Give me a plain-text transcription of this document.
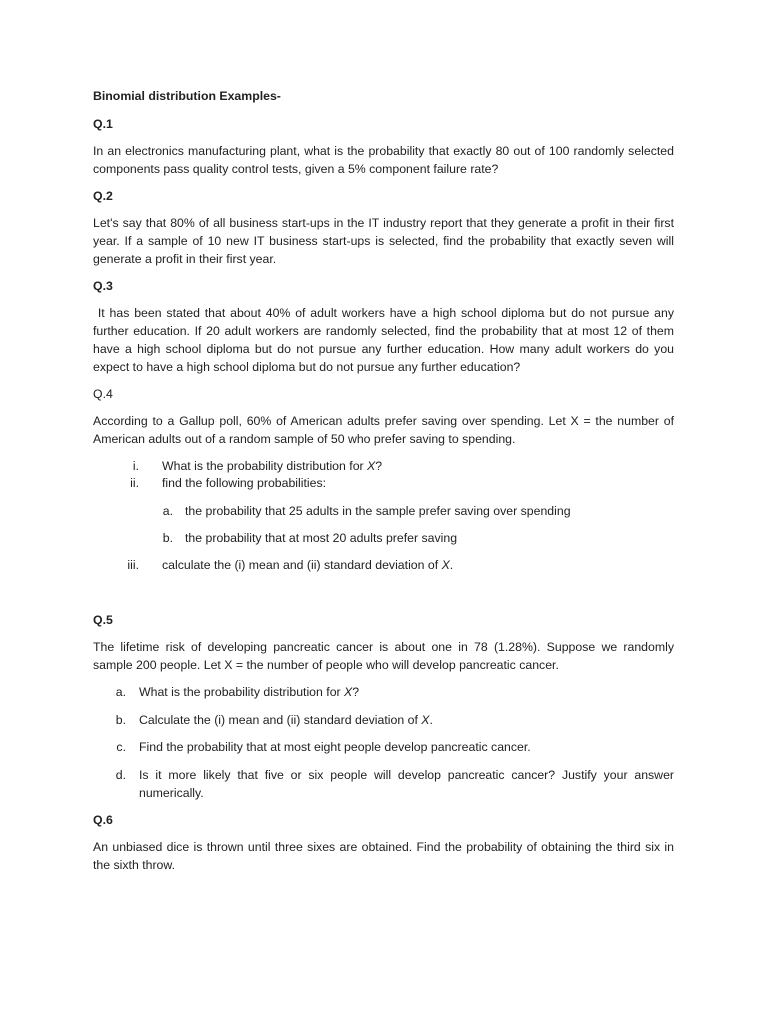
Binomial distribution Examples-
Q.1
In an electronics manufacturing plant, what is the probability that exactly 80 out of 100 randomly selected components pass quality control tests, given a 5% component failure rate?
Q.2
Let's say that 80% of all business start-ups in the IT industry report that they generate a profit in their first year. If a sample of 10 new IT business start-ups is selected, find the probability that exactly seven will generate a profit in their first year.
Q.3
It has been stated that about 40% of adult workers have a high school diploma but do not pursue any further education. If 20 adult workers are randomly selected, find the probability that at most 12 of them have a high school diploma but do not pursue any further education. How many adult workers do you expect to have a high school diploma but do not pursue any further education?
Q.4
According to a Gallup poll, 60% of American adults prefer saving over spending. Let X = the number of American adults out of a random sample of 50 who prefer saving to spending.
i. What is the probability distribution for X?
ii. find the following probabilities:
a. the probability that 25 adults in the sample prefer saving over spending
b. the probability that at most 20 adults prefer saving
iii. calculate the (i) mean and (ii) standard deviation of X.
Q.5
The lifetime risk of developing pancreatic cancer is about one in 78 (1.28%). Suppose we randomly sample 200 people. Let X = the number of people who will develop pancreatic cancer.
a. What is the probability distribution for X?
b. Calculate the (i) mean and (ii) standard deviation of X.
c. Find the probability that at most eight people develop pancreatic cancer.
d. Is it more likely that five or six people will develop pancreatic cancer? Justify your answer numerically.
Q.6
An unbiased dice is thrown until three sixes are obtained. Find the probability of obtaining the third six in the sixth throw.
